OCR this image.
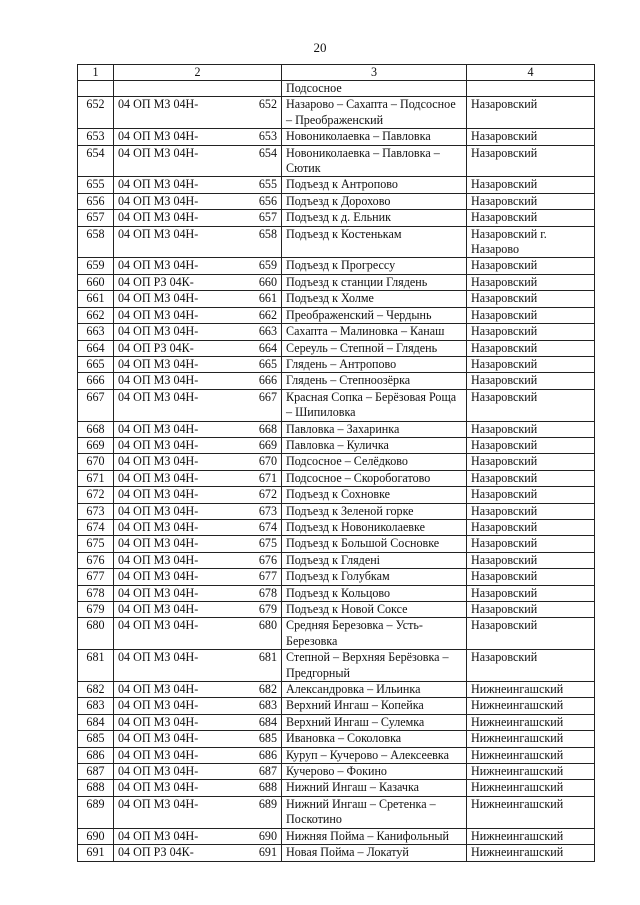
20
1	2	3	4
		Подсосное	
652	04 ОП МЗ 04Н- 652	Назарово – Сахапта – Подсосное – Преображенский	Назаровский
653	04 ОП МЗ 04Н- 653	Новониколаевка – Павловка	Назаровский
654	04 ОП МЗ 04Н- 654	Новониколаевка – Павловка – Сютик	Назаровский
655	04 ОП МЗ 04Н- 655	Подъезд к Антропово	Назаровский
656	04 ОП МЗ 04Н- 656	Подъезд к Дорохово	Назаровский
657	04 ОП МЗ 04Н- 657	Подъезд к д. Ельник	Назаровский
658	04 ОП МЗ 04Н- 658	Подъезд к Костенькам	Назаровский г. Назарово
659	04 ОП МЗ 04Н- 659	Подъезд к Прогрессу	Назаровский
660	04 ОП РЗ 04К- 660	Подъезд к станции Глядень	Назаровский
661	04 ОП МЗ 04Н- 661	Подъезд к Холме	Назаровский
662	04 ОП МЗ 04Н- 662	Преображенский – Чердынь	Назаровский
663	04 ОП МЗ 04Н- 663	Сахапта – Малиновка – Канаш	Назаровский
664	04 ОП РЗ 04К- 664	Сереуль – Степной – Глядень	Назаровский
665	04 ОП МЗ 04Н- 665	Глядень – Антропово	Назаровский
666	04 ОП МЗ 04Н- 666	Глядень – Степноозёрка	Назаровский
667	04 ОП МЗ 04Н- 667	Красная Сопка – Берёзовая Роща – Шипиловка	Назаровский
668	04 ОП МЗ 04Н- 668	Павловка – Захаринка	Назаровский
669	04 ОП МЗ 04Н- 669	Павловка – Куличка	Назаровский
670	04 ОП МЗ 04Н- 670	Подсосное – Селёдково	Назаровский
671	04 ОП МЗ 04Н- 671	Подсосное – Скоробогатово	Назаровский
672	04 ОП МЗ 04Н- 672	Подъезд к Сохновке	Назаровский
673	04 ОП МЗ 04Н- 673	Подъезд к Зеленой горке	Назаровский
674	04 ОП МЗ 04Н- 674	Подъезд к Новониколаевке	Назаровский
675	04 ОП МЗ 04Н- 675	Подъезд к Большой Сосновке	Назаровский
676	04 ОП МЗ 04Н- 676	Подъезд к Гляденi	Назаровский
677	04 ОП МЗ 04Н- 677	Подъезд к Голубкам	Назаровский
678	04 ОП МЗ 04Н- 678	Подъезд к Кольцово	Назаровский
679	04 ОП МЗ 04Н- 679	Подъезд к Новой Сoксе	Назаровский
680	04 ОП МЗ 04Н- 680	Средняя Березовка – Усть-Березовка	Назаровский
681	04 ОП МЗ 04Н- 681	Степной – Верхняя Берёзовка – Предгорный	Назаровский
682	04 ОП МЗ 04Н- 682	Александровка – Ильинка	Нижнеингашский
683	04 ОП МЗ 04Н- 683	Верхний Ингаш – Копейка	Нижнеингашский
684	04 ОП МЗ 04Н- 684	Верхний Ингаш – Сулемка	Нижнеингашский
685	04 ОП МЗ 04Н- 685	Ивановка – Соколовка	Нижнеингашский
686	04 ОП МЗ 04Н- 686	Куруп – Кучерово – Алексеевка	Нижнеингашский
687	04 ОП МЗ 04Н- 687	Кучерово – Фокино	Нижнеингашский
688	04 ОП МЗ 04Н- 688	Нижний Ингаш – Казачка	Нижнеингашский
689	04 ОП МЗ 04Н- 689	Нижний Ингаш – Сретенка – Поскотино	Нижнеингашский
690	04 ОП МЗ 04Н- 690	Нижняя Пойма – Канифольный	Нижнеингашский
691	04 ОП РЗ 04К- 691	Новая Пойма – Локатуй	Нижнеингашский
